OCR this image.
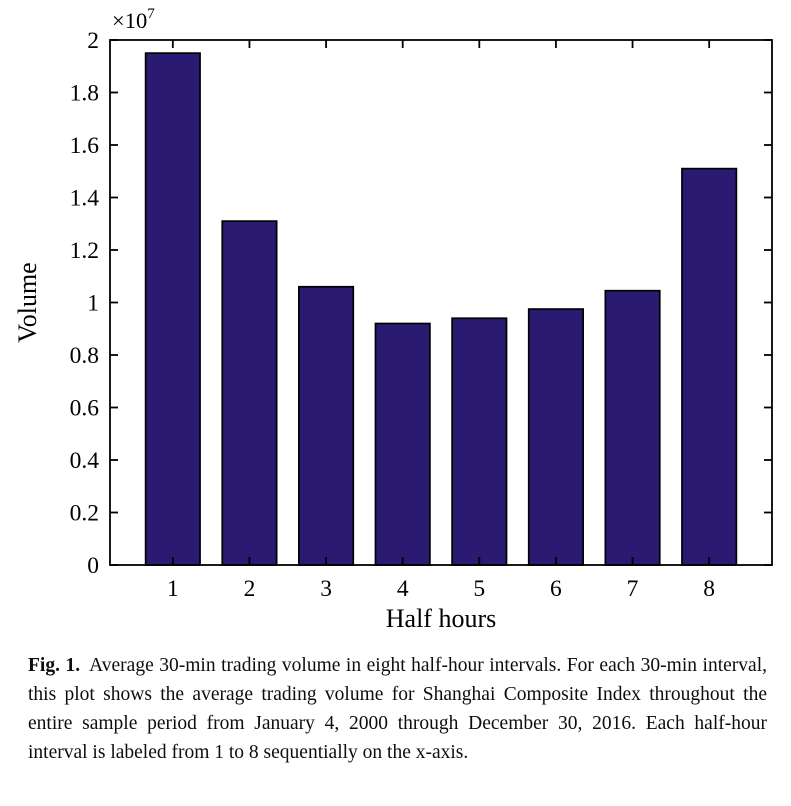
0
0.2
0.4
0.6
0.8
1
1.2
1.4
1.6
1.8
2
1	2	3	4	5	6	7	8
$\times 10^7$
Volume
Half hours
Fig. 1. Average 30-min trading volume in eight half-hour intervals. For each 30-min interval, this plot shows the average trading volume for Shanghai Composite Index throughout the entire sample period from January 4, 2000 through December 30, 2016. Each half-hour interval is labeled from 1 to 8 sequentially on the x-axis.
